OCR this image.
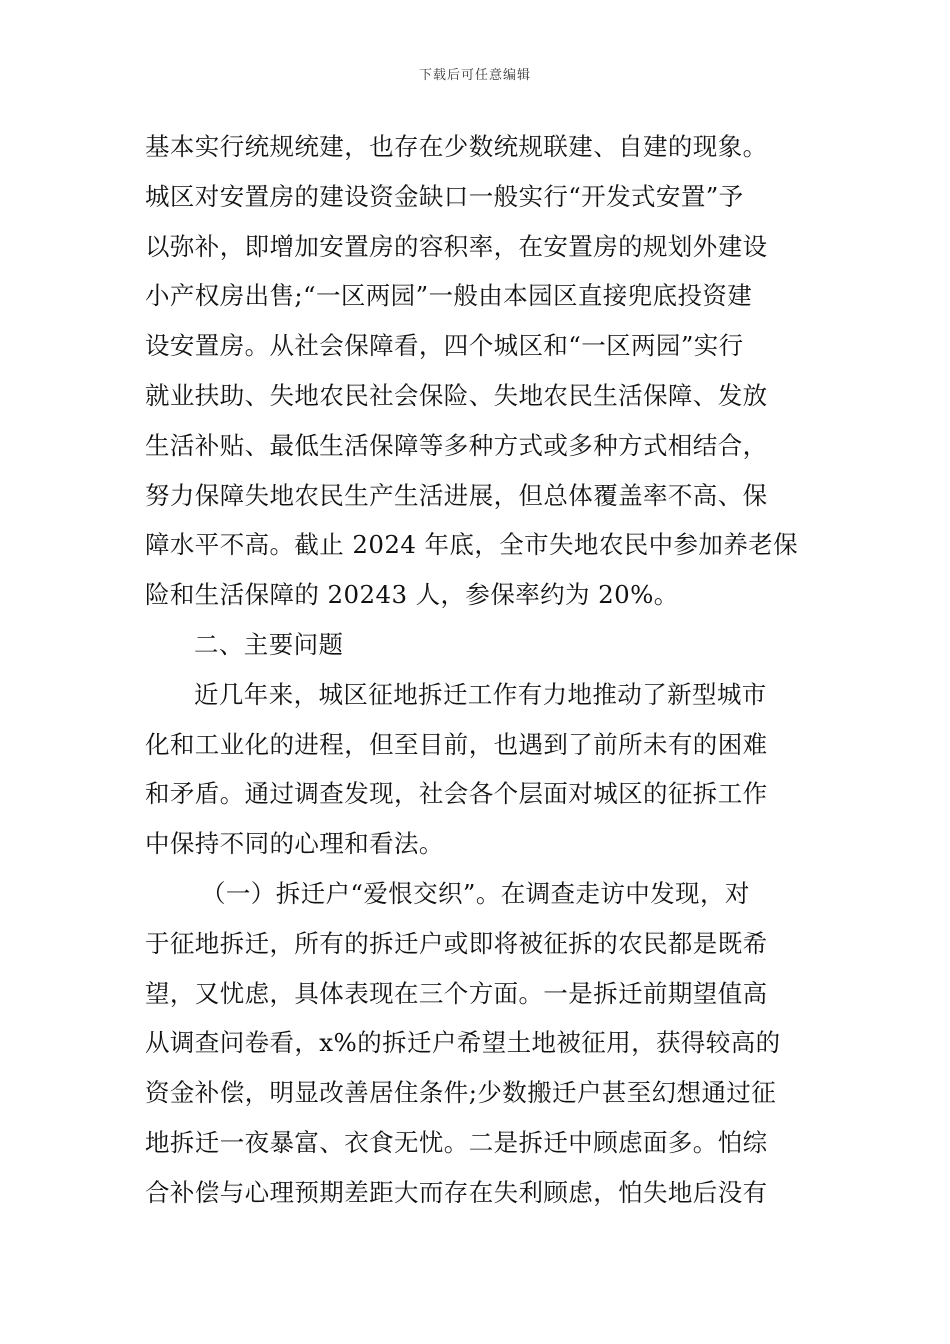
下载后可任意编辑
基本实行统规统建，也存在少数统规联建、自建的现象。
城区对安置房的建设资金缺口一般实行“开发式安置”予
以弥补，即增加安置房的容积率，在安置房的规划外建设
小产权房出售;“一区两园”一般由本园区直接兜底投资建
设安置房。从社会保障看，四个城区和“一区两园”实行
就业扶助、失地农民社会保险、失地农民生活保障、发放
生活补贴、最低生活保障等多种方式或多种方式相结合，
努力保障失地农民生产生活进展，但总体覆盖率不高、保
障水平不高。截止 2024 年底，全市失地农民中参加养老保
险和生活保障的 20243 人，参保率约为 20%。
二、主要问题
近几年来，城区征地拆迁工作有力地推动了新型城市
化和工业化的进程，但至目前，也遇到了前所未有的困难
和矛盾。通过调查发现，社会各个层面对城区的征拆工作
中保持不同的心理和看法。
（一）拆迁户“爱恨交织”。在调查走访中发现，对
于征地拆迁，所有的拆迁户或即将被征拆的农民都是既希
望，又忧虑，具体表现在三个方面。一是拆迁前期望值高
从调查问卷看，x%的拆迁户希望土地被征用，获得较高的
资金补偿，明显改善居住条件;少数搬迁户甚至幻想通过征
地拆迁一夜暴富、衣食无忧。二是拆迁中顾虑面多。怕综
合补偿与心理预期差距大而存在失利顾虑，怕失地后没有
